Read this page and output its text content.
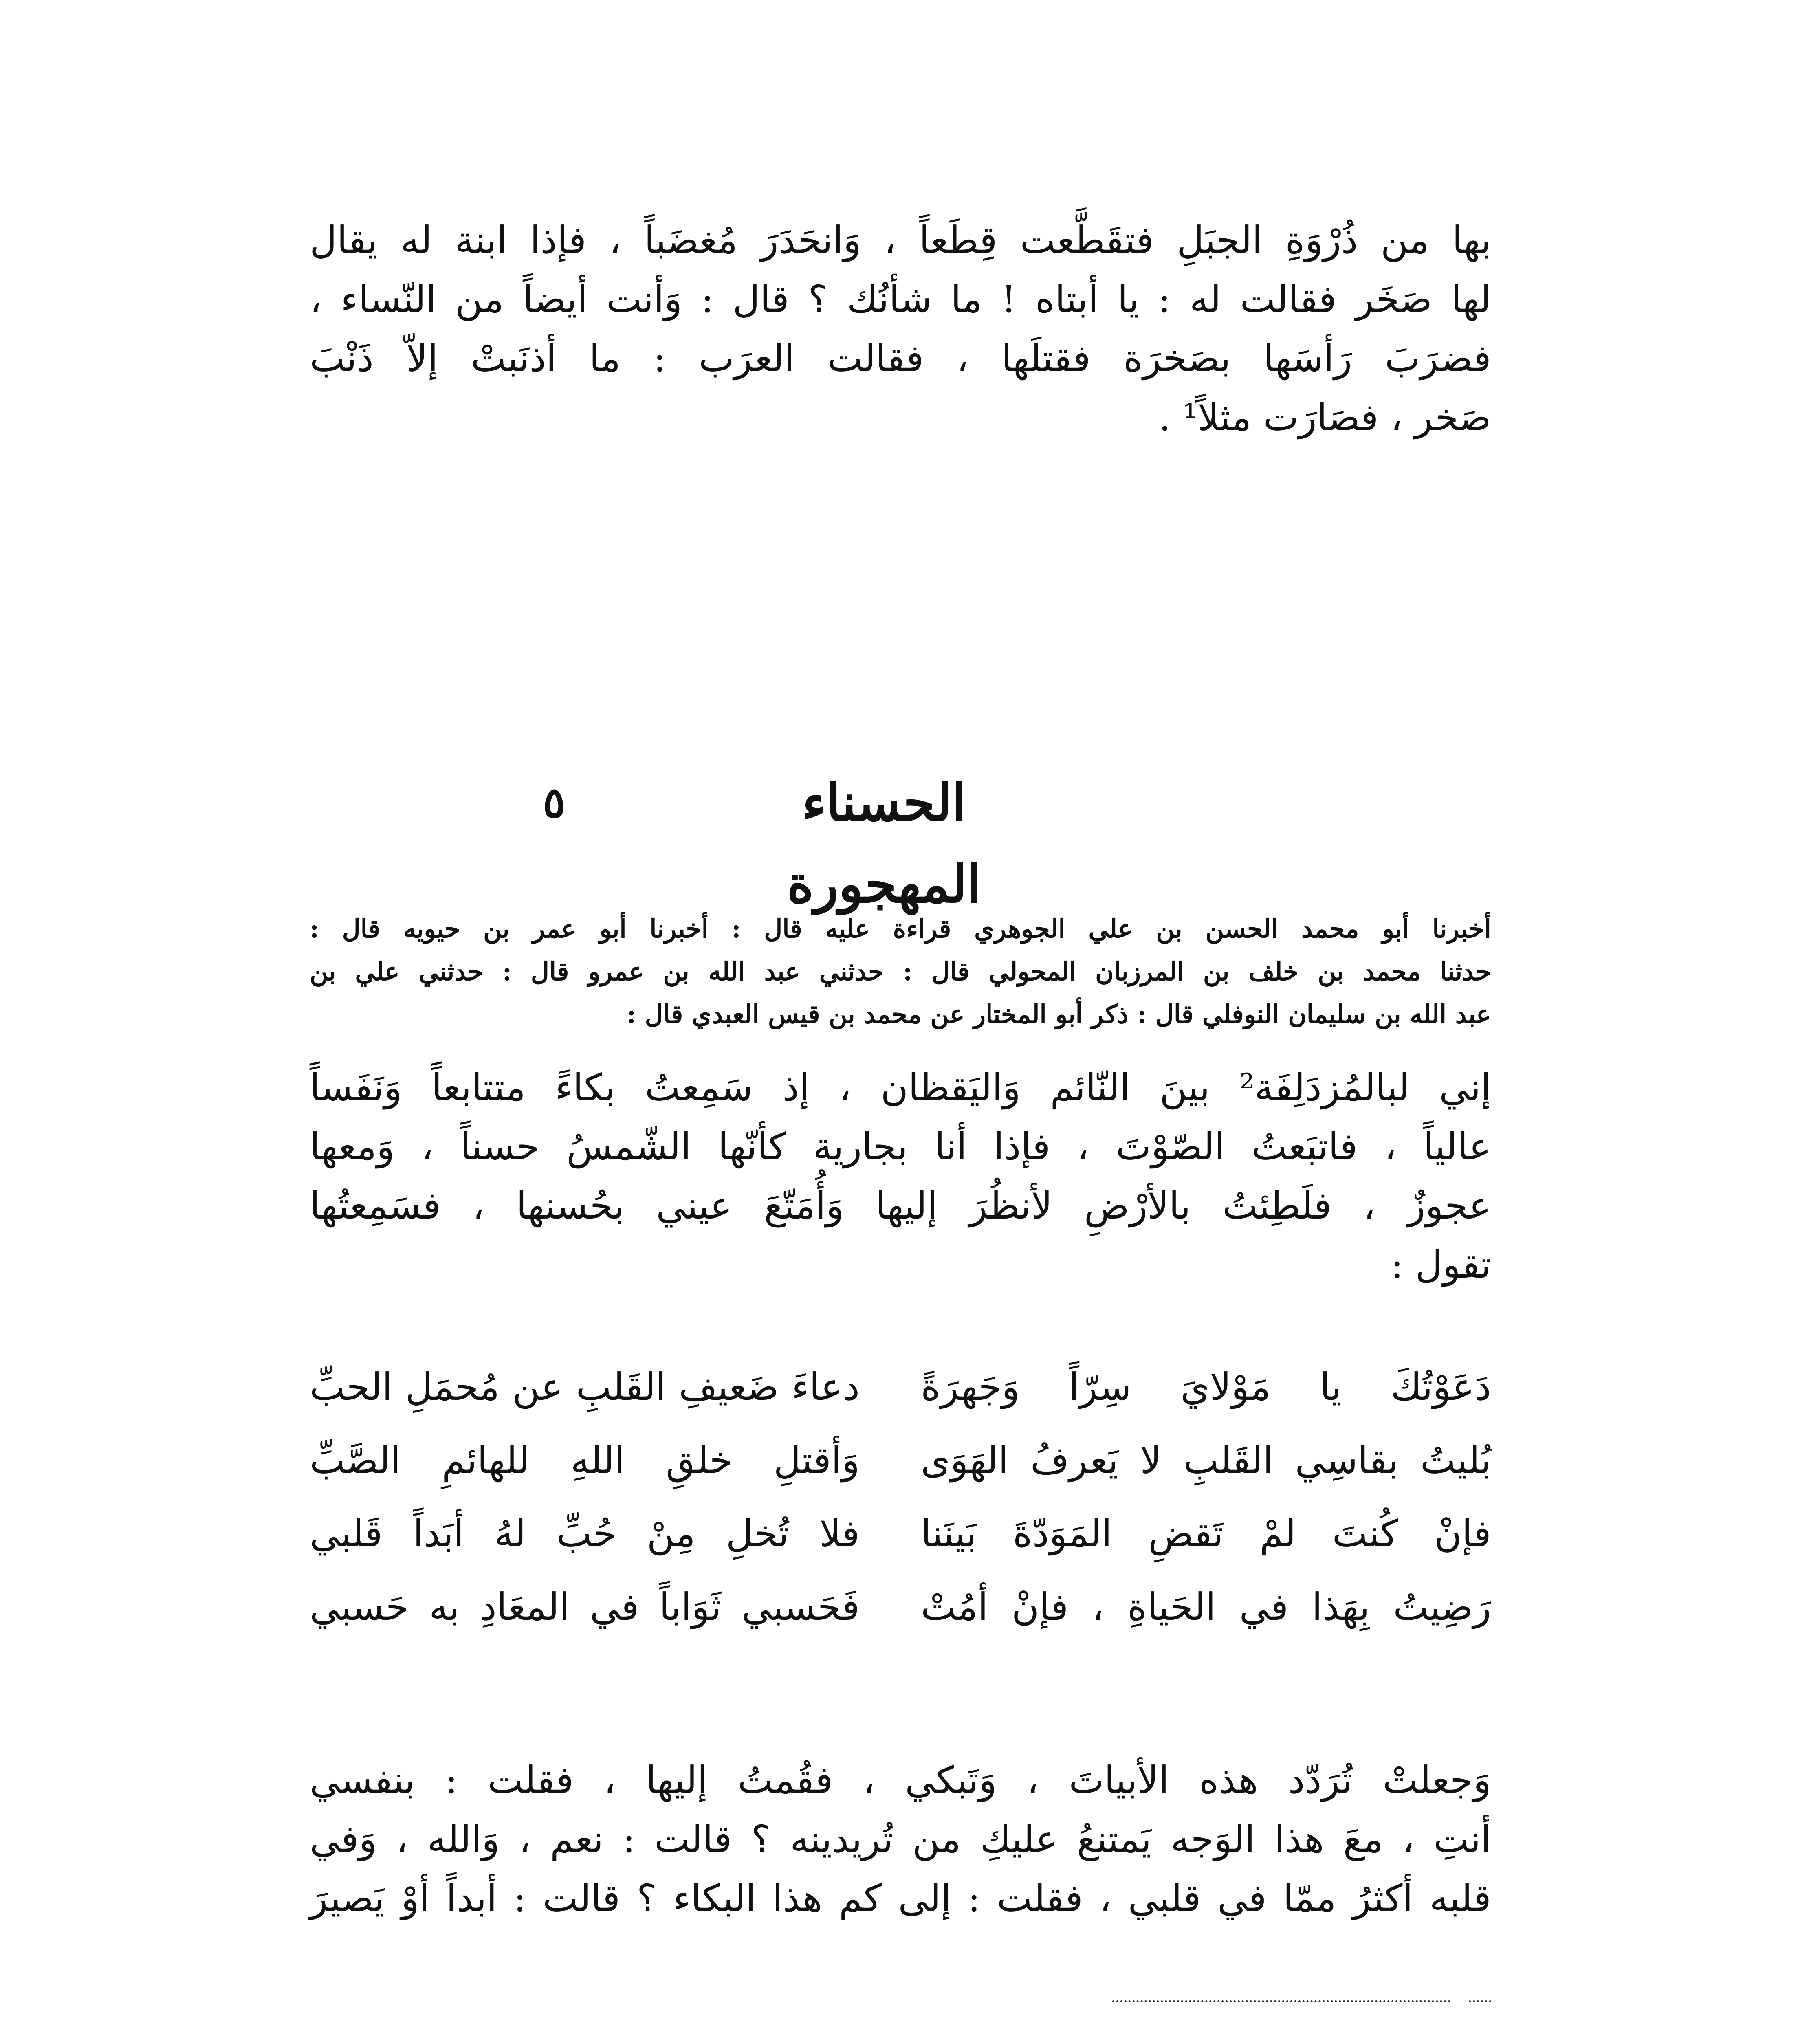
بها من ذُرْوَةِ الجبَلِ فتقَطَّعت قِطَعاً ، وَانحَدَرَ مُغضَباً ، فإذا ابنة له يقال
لها صَخَر فقالت له : يا أبتاه ! ما شأنُك ؟ قال : وَأنت أيضاً من النّساء ،
فضرَبَ رَأسَها بصَخرَة فقتلَها ، فقالت العرَب : ما أذنَبتْ إلاّ ذَنْبَ
صَخر ، فصَارَت مثلاً¹ .
الحسناء المهجورة
٥
أخبرنا أبو محمد الحسن بن علي الجوهري قراءة عليه قال : أخبرنا أبو عمر بن حيويه قال :
حدثنا محمد بن خلف بن المرزبان المحولي قال : حدثني عبد الله بن عمرو قال : حدثني علي بن
عبد الله بن سليمان النوفلي قال : ذكر أبو المختار عن محمد بن قيس العبدي قال :
إني لبالمُزدَلِفَة² بينَ النّائم وَاليَقظان ، إذ سَمِعتُ بكاءً متتابعاً وَنَفَساً
عالياً ، فاتبَعتُ الصّوْتَ ، فإذا أنا بجارية كأنّها الشّمسُ حسناً ، وَمعها
عجوزٌ ، فلَطِئتُ بالأرْضِ لأنظُرَ إليها وَأُمَتّعَ عيني بحُسنها ، فسَمِعتُها
تقول :
دَعَوْتُكَ يا مَوْلايَ سِرّاً وَجَهرَةً
دعاءَ ضَعيفِ القَلبِ عن مُحمَلِ الحبِّ
بُليتُ بقاسِي القَلبِ لا يَعرفُ الهَوَى
وَأقتلِ خلقِ اللهِ للهائمِ الصَّبِّ
فإنْ كُنتَ لمْ تَقضِ المَوَدّةَ بَينَنا
فلا تُخلِ مِنْ حُبِّ لهُ أبَداً قَلبي
رَضِيتُ بِهَذا في الحَياةِ ، فإنْ أمُتْ
فَحَسبي ثَوَاباً في المعَادِ به حَسبي
وَجعلتْ تُرَدّد هذه الأبياتَ ، وَتَبكي ، فقُمتُ إليها ، فقلت : بنفسي
أنتِ ، معَ هذا الوَجه يَمتنعُ عليكِ من تُريدينه ؟ قالت : نعم ، وَالله ، وَفي
قلبه أكثرُ ممّا في قلبي ، فقلت : إلى كم هذا البكاء ؟ قالت : أبداً أوْ يَصيرَ
